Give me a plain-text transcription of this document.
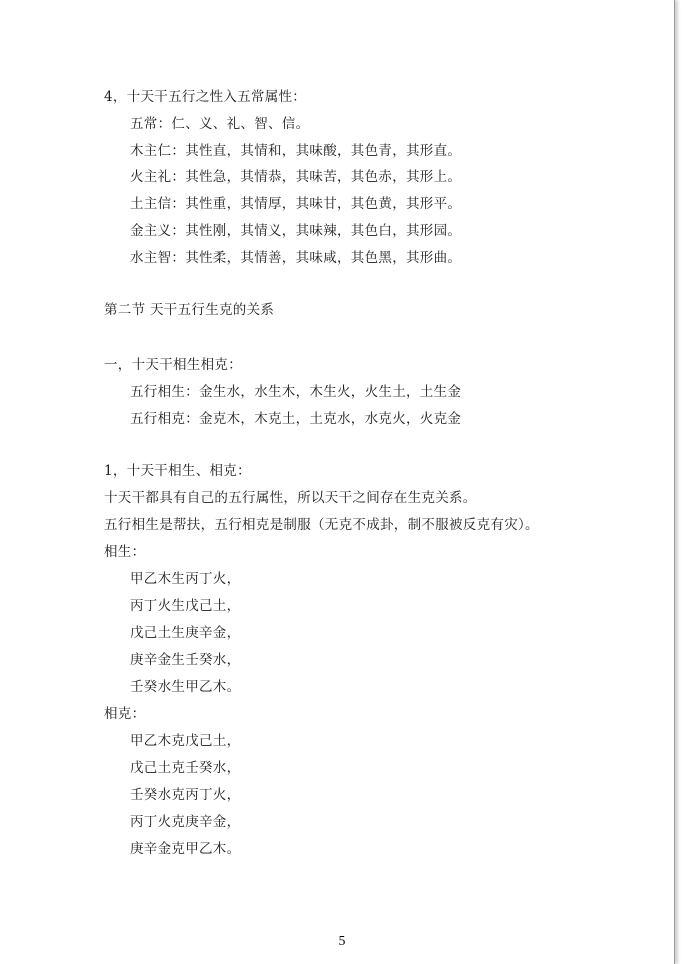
4，十天干五行之性入五常属性：
五常：仁、义、礼、智、信。
木主仁：其性直，其情和，其味酸，其色青，其形直。
火主礼：其性急，其情恭，其味苦，其色赤，其形上。
土主信：其性重，其情厚，其味甘，其色黄，其形平。
金主义：其性刚，其情义，其味辣，其色白，其形园。
水主智：其性柔，其情善，其味咸，其色黑，其形曲。
第二节 天干五行生克的关系
一，十天干相生相克：
五行相生：金生水，水生木，木生火，火生土，土生金
五行相克：金克木，木克土，土克水，水克火，火克金
1，十天干相生、相克：
十天干都具有自己的五行属性，所以天干之间存在生克关系。
五行相生是帮扶，五行相克是制服（无克不成卦，制不服被反克有灾）。
相生：
甲乙木生丙丁火，
丙丁火生戊己土，
戊己土生庚辛金，
庚辛金生壬癸水，
壬癸水生甲乙木。
相克：
甲乙木克戊己土，
戊己土克壬癸水，
壬癸水克丙丁火，
丙丁火克庚辛金，
庚辛金克甲乙木。
5
